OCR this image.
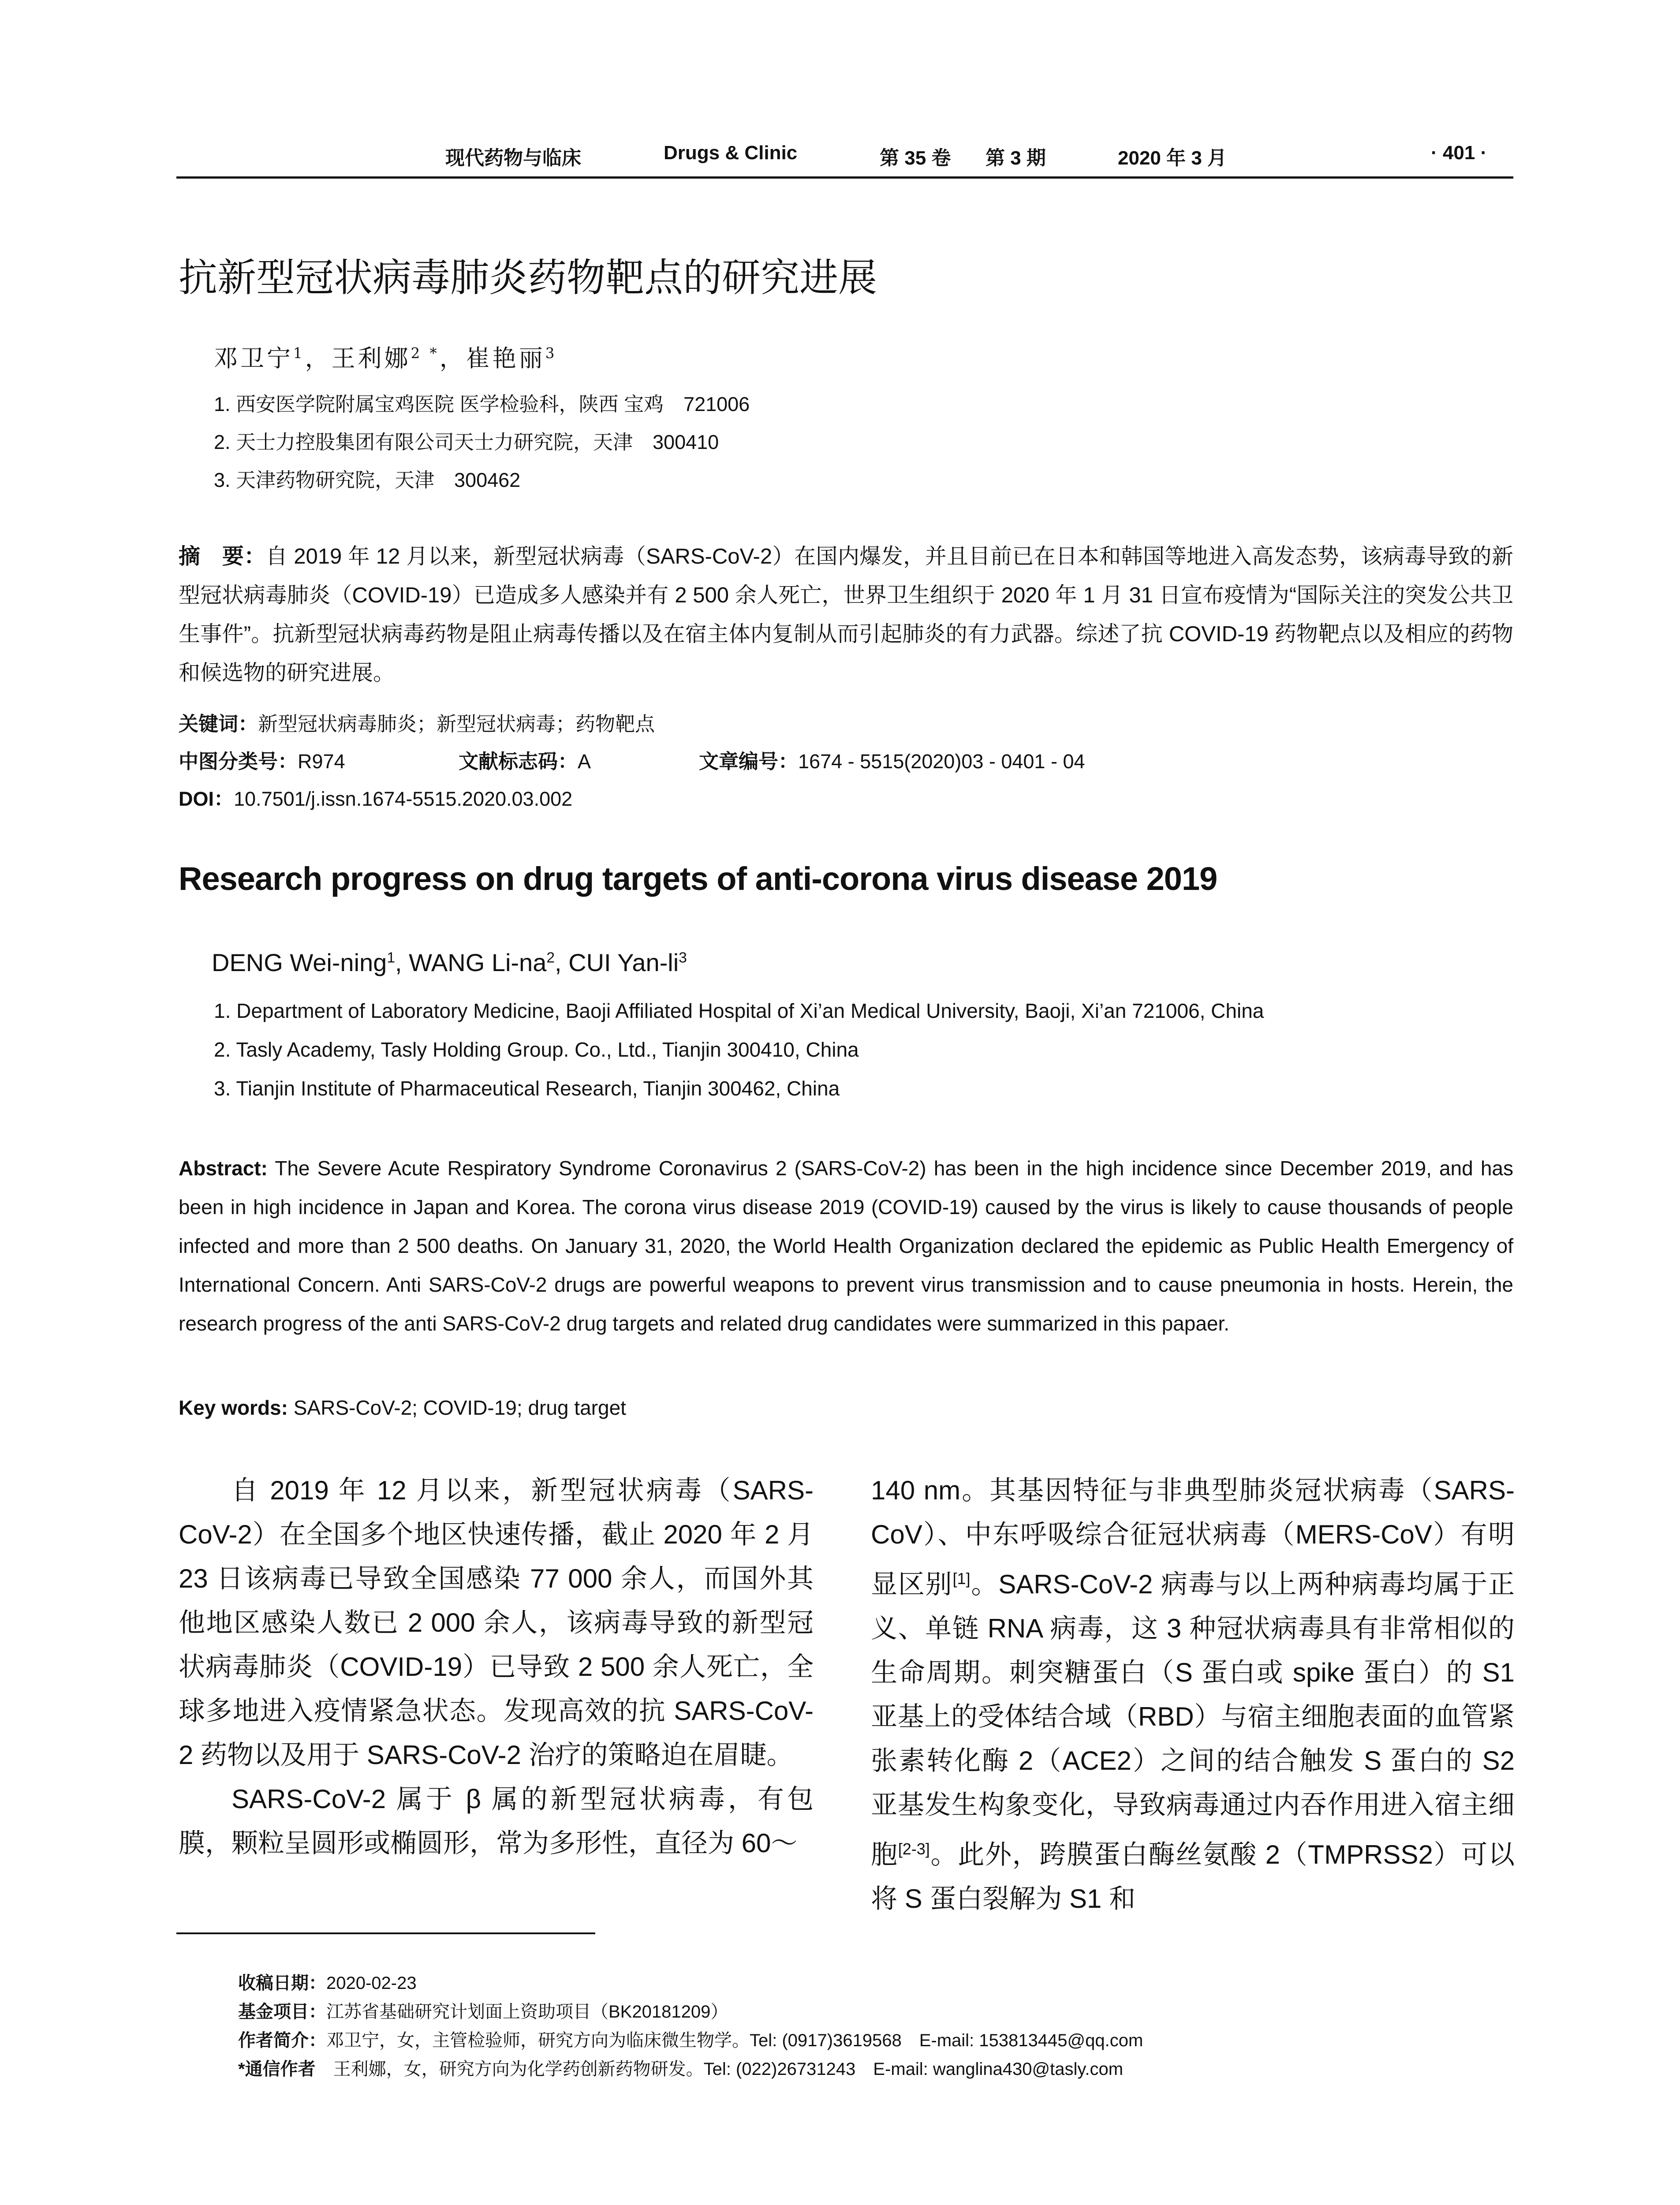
现代药物与临床	Drugs & Clinic	第 35 卷 第 3 期	2020 年 3 月	· 401 ·
抗新型冠状病毒肺炎药物靶点的研究进展
邓卫宁$^1$，王利娜$^{2 *}$，崔艳丽$^3$
1. 西安医学院附属宝鸡医院 医学检验科，陕西 宝鸡　721006
2. 天士力控股集团有限公司天士力研究院，天津　300410
3. 天津药物研究院，天津　300462
摘　要：自 2019 年 12 月以来，新型冠状病毒（SARS-CoV-2）在国内爆发，并且目前已在日本和韩国等地进入高发态势，该病毒导致的新型冠状病毒肺炎（COVID-19）已造成多人感染并有 2 500 余人死亡，世界卫生组织于 2020 年 1 月 31 日宣布疫情为“国际关注的突发公共卫生事件”。抗新型冠状病毒药物是阻止病毒传播以及在宿主体内复制从而引起肺炎的有力武器。综述了抗 COVID-19 药物靶点以及相应的药物和候选物的研究进展。
关键词：新型冠状病毒肺炎；新型冠状病毒；药物靶点
中图分类号：R974	文献标志码：A	文章编号：1674 - 5515(2020)03 - 0401 - 04
DOI：10.7501/j.issn.1674-5515.2020.03.002
Research progress on drug targets of anti-corona virus disease 2019
DENG Wei-ning$^1$, WANG $Li-na^2$, CUI Yan-$li^3$
1. Department of Laboratory Medicine, Baoji Affiliated Hospital of Xi’an Medical University, Baoji, Xi’an 721006, China
2. Tasly Academy, Tasly Holding Group. Co., Ltd., Tianjin 300410, China
3. Tianjin Institute of Pharmaceutical Research, Tianjin 300462, China
Abstract: The Severe Acute Respiratory Syndrome Coronavirus 2 (SARS-CoV-2) has been in the high incidence since December 2019, and has been in high incidence in Japan and Korea. The corona virus disease 2019 (COVID-19) caused by the virus is likely to cause thousands of people infected and more than 2 500 deaths. On January 31, 2020, the World Health Organization declared the epidemic as Public Health Emergency of International Concern. Anti SARS-CoV-2 drugs are powerful weapons to prevent virus transmission and to cause pneumonia in hosts. Herein, the research progress of the anti SARS-CoV-2 drug targets and related drug candidates were summarized in this papaer.
Key words: SARS-CoV-2; COVID-19; drug target

自 2019 年 12 月以来，新型冠状病毒（SARS-CoV-2）在全国多个地区快速传播，截止 2020 年 2 月 23 日该病毒已导致全国感染 77 000 余人，而国外其他地区感染人数已 2 000 余人，该病毒导致的新型冠状病毒肺炎（COVID-19）已导致 2 500 余人死亡，全球多地进入疫情紧急状态。发现高效的抗 SARS-CoV-2 药物以及用于 SARS-CoV-2 治疗的策略迫在眉睫。

SARS-CoV-2 属于 β 属的新型冠状病毒，有包膜，颗粒呈圆形或椭圆形，常为多形性，直径为 60～

140 nm。其基因特征与非典型肺炎冠状病毒（SARS-CoV）、中东呼吸综合征冠状病毒（MERS-CoV）有明显区别[1]。SARS-CoV-2 病毒与以上两种病毒均属于正义、单链 RNA 病毒，这 3 种冠状病毒具有非常相似的生命周期。刺突糖蛋白（S 蛋白或 spike 蛋白）的 S1 亚基上的受体结合域（RBD）与宿主细胞表面的血管紧张素转化酶 2（ACE2）之间的结合触发 S 蛋白的 S2 亚基发生构象变化，导致病毒通过内吞作用进入宿主细胞[2-3]。此外，跨膜蛋白酶丝氨酸 2（TMPRSS2）可以将 S 蛋白裂解为 S1 和

收稿日期：2020-02-23
基金项目：江苏省基础研究计划面上资助项目（BK20181209）
作者简介：邓卫宁，女，主管检验师，研究方向为临床微生物学。Tel: (0917)3619568　E-mail: 153813445@qq.com
*通信作者　 王利娜，女，研究方向为化学药创新药物研发。Tel: (022)26731243　E-mail: wanglina430@tasly.com
